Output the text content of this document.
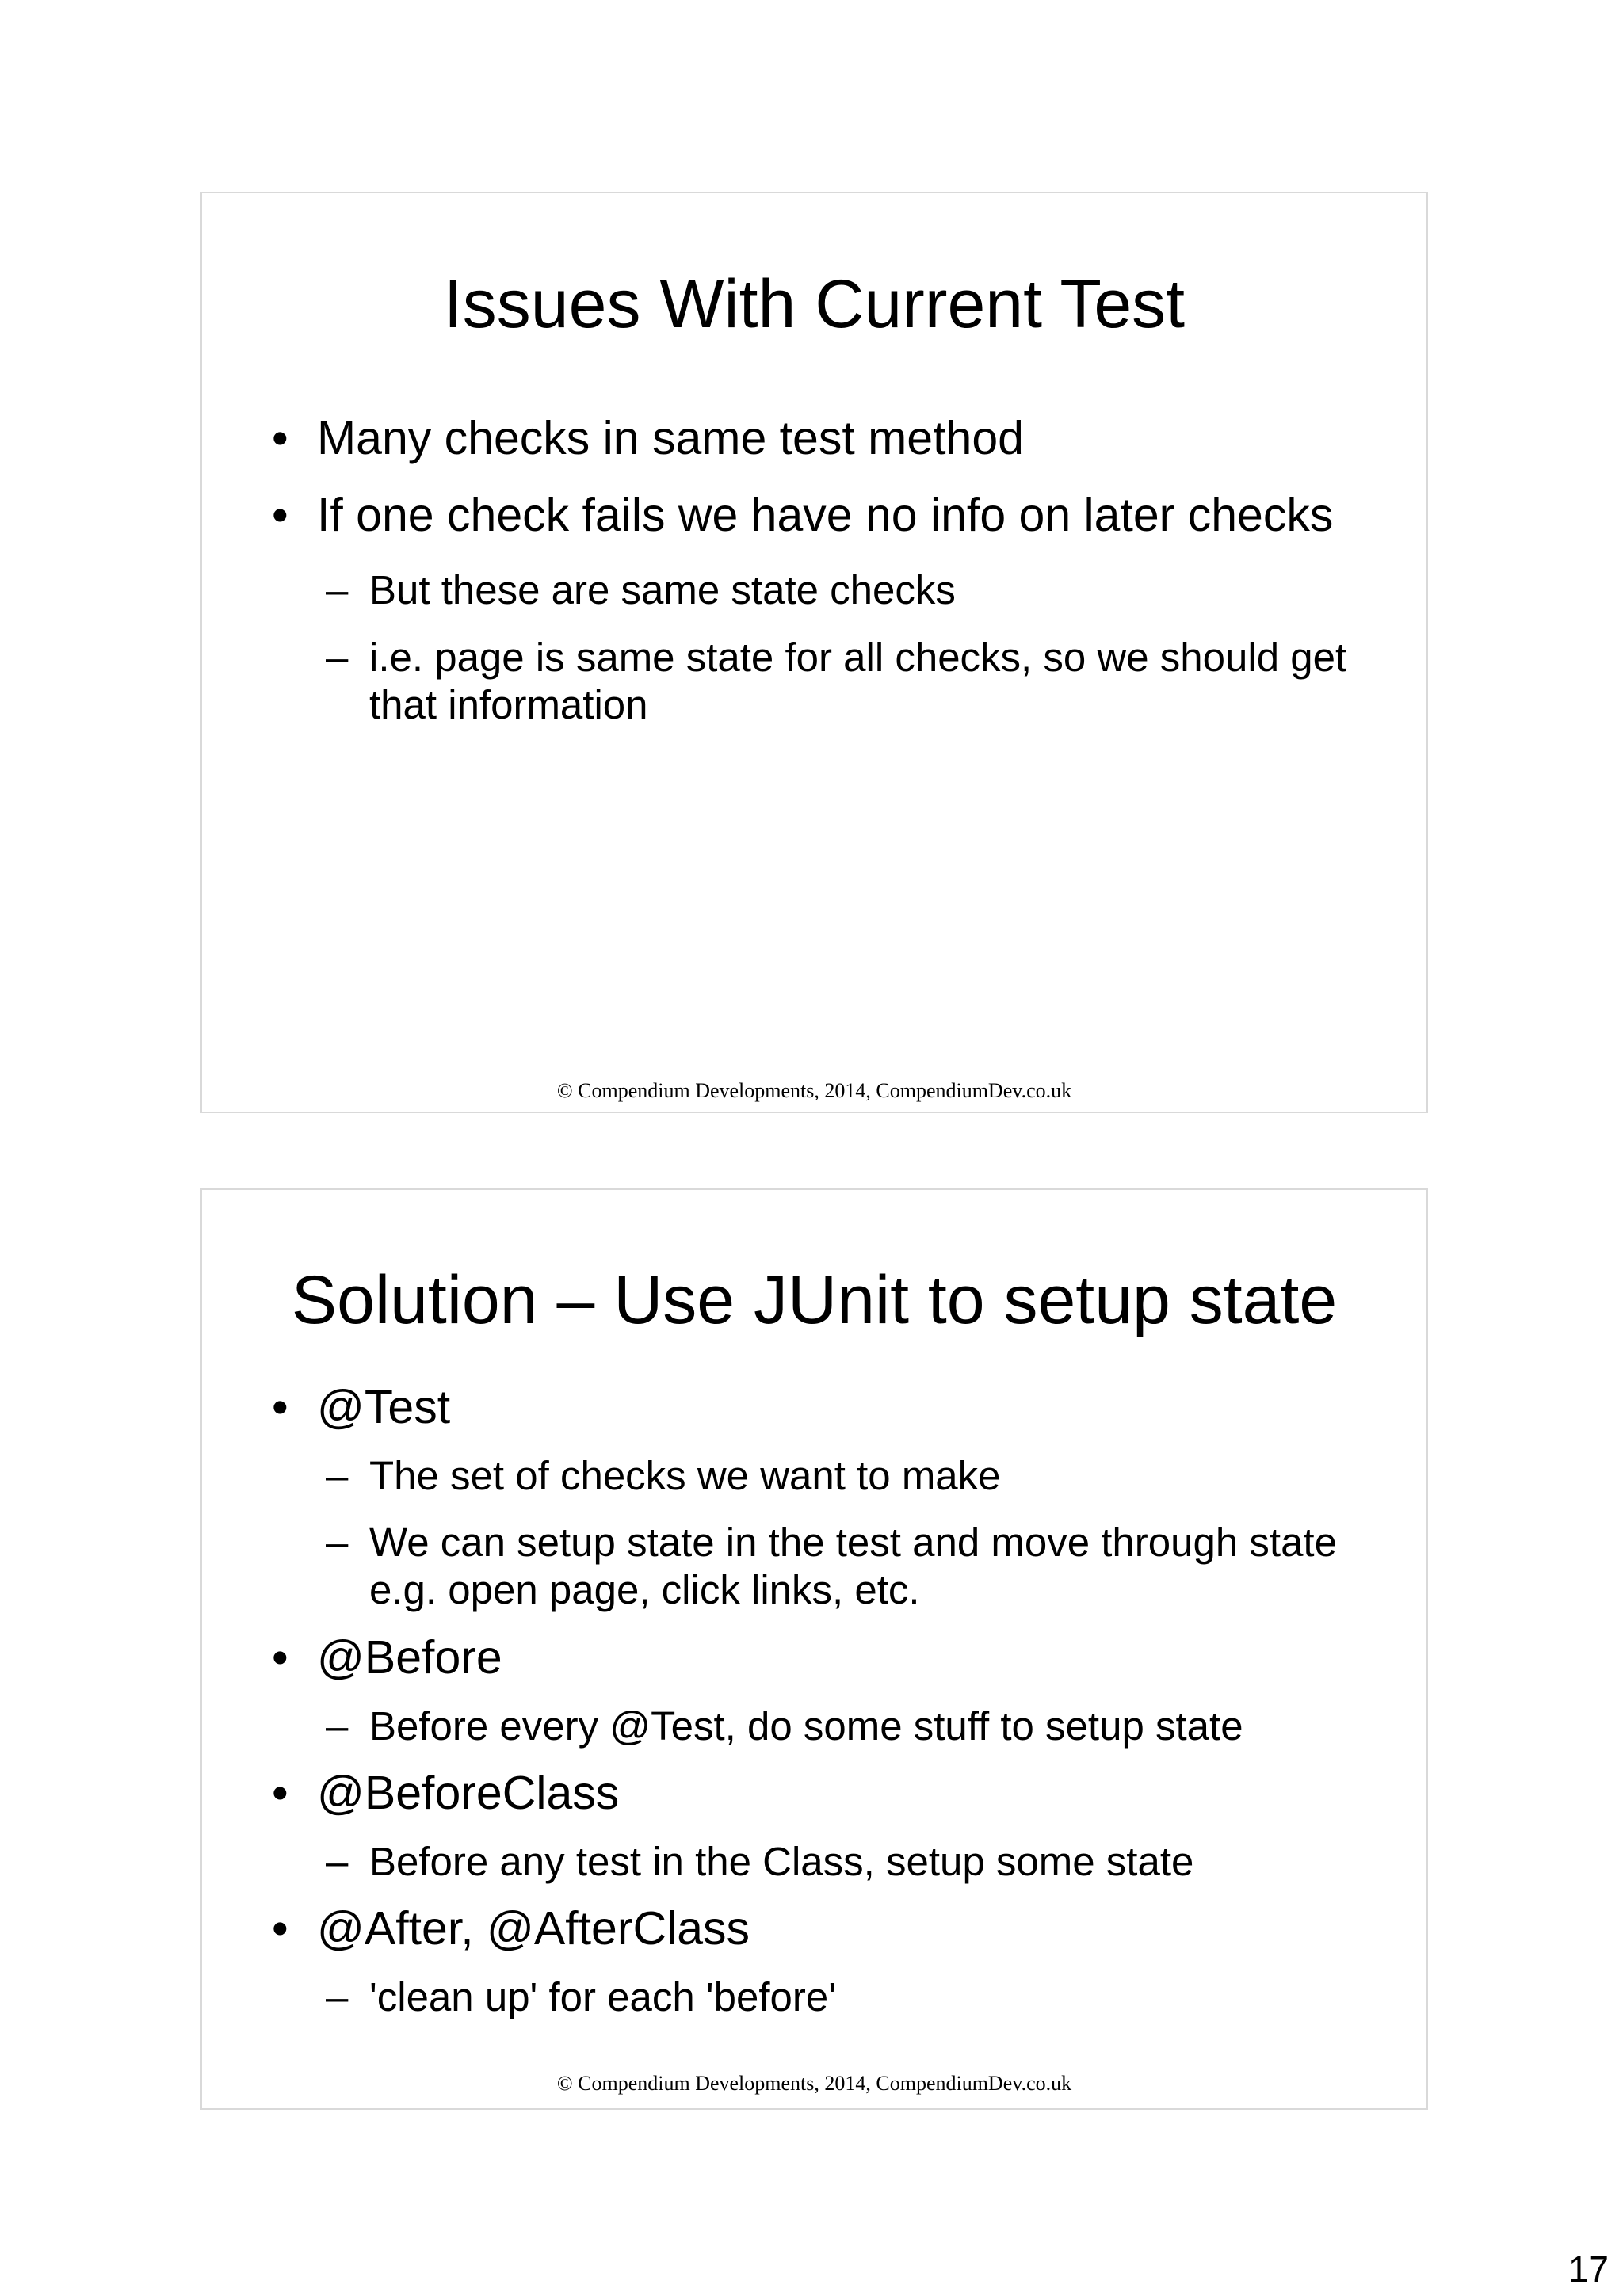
Issues With Current Test
• Many checks in same test method
• If one check fails we have no info on later checks
– But these are same state checks
– i.e. page is same state for all checks, so we should get that information
© Compendium Developments, 2014, CompendiumDev.co.uk
Solution – Use JUnit to setup state
• @Test
– The set of checks we want to make
– We can setup state in the test and move through state e.g. open page, click links, etc.
• @Before
– Before every @Test, do some stuff to setup state
• @BeforeClass
– Before any test in the Class, setup some state
• @After, @AfterClass
– 'clean up' for each 'before'
© Compendium Developments, 2014, CompendiumDev.co.uk
17
